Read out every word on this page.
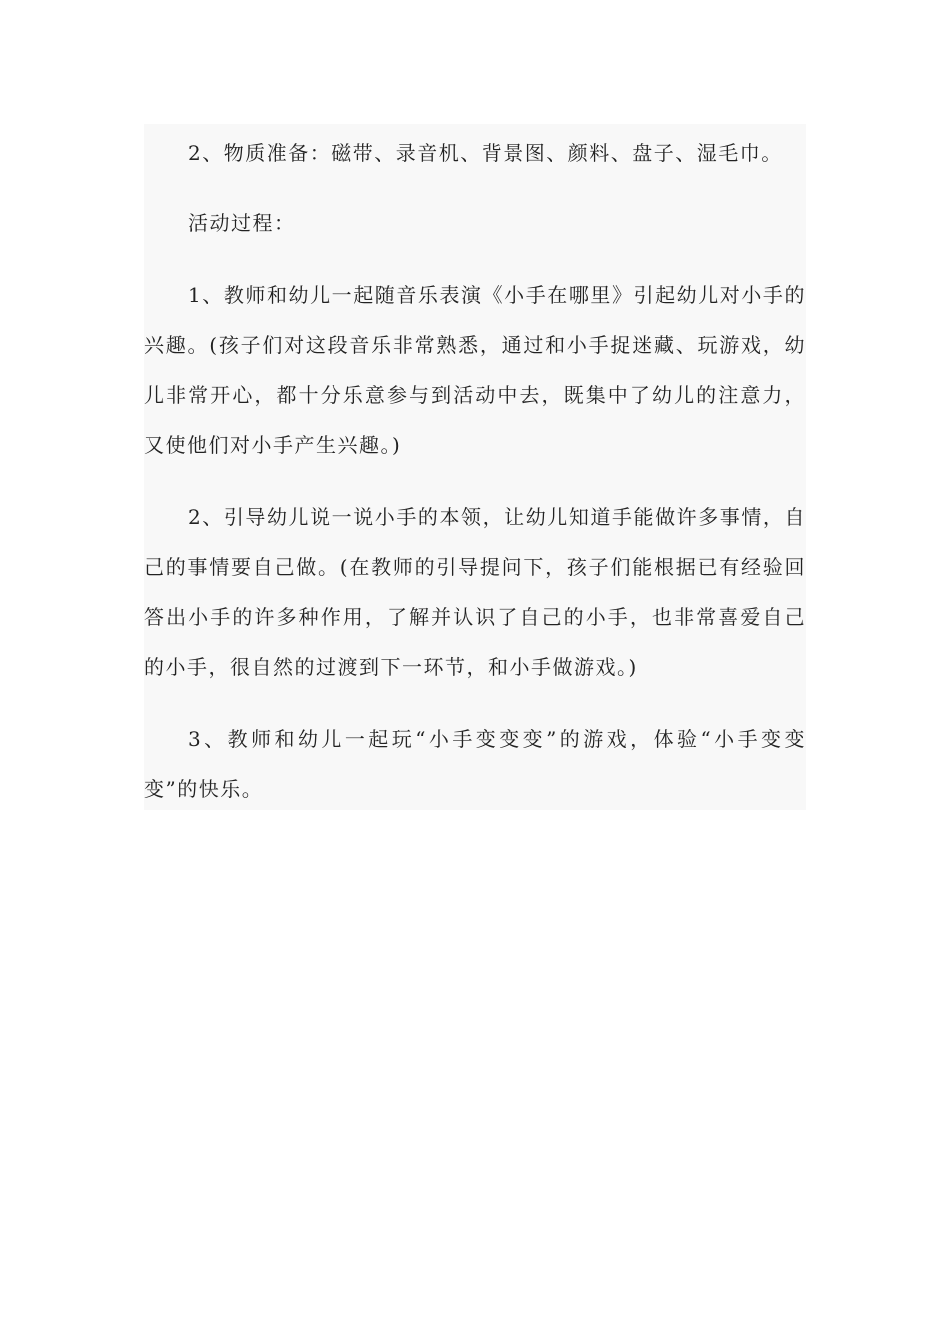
2、物质准备：磁带、录音机、背景图、颜料、盘子、湿毛巾。

活动过程：

1、教师和幼儿一起随音乐表演《小手在哪里》引起幼儿对小手的兴趣。(孩子们对这段音乐非常熟悉，通过和小手捉迷藏、玩游戏，幼儿非常开心，都十分乐意参与到活动中去，既集中了幼儿的注意力，又使他们对小手产生兴趣。)

2、引导幼儿说一说小手的本领，让幼儿知道手能做许多事情，自己的事情要自己做。(在教师的引导提问下，孩子们能根据已有经验回答出小手的许多种作用，了解并认识了自己的小手，也非常喜爱自己的小手，很自然的过渡到下一环节，和小手做游戏。)

3、教师和幼儿一起玩“小手变变变”的游戏，体验“小手变变变”的快乐。
